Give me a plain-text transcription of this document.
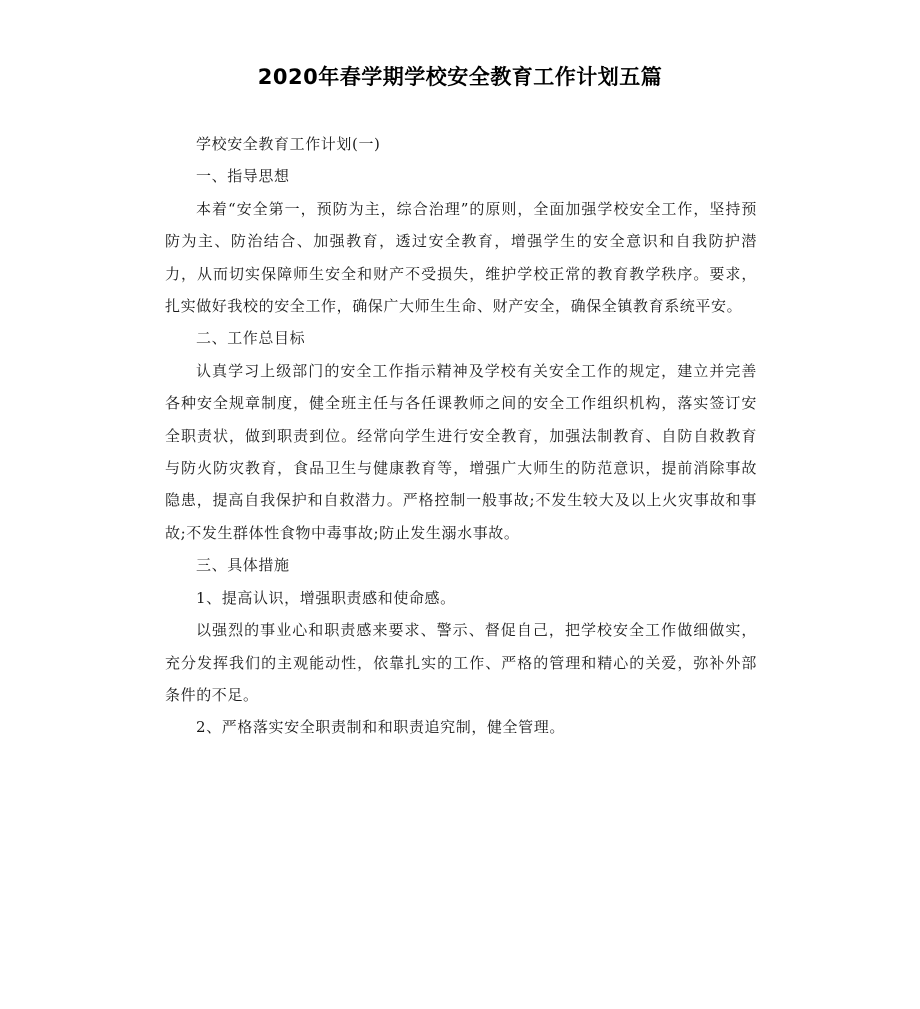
2020年春学期学校安全教育工作计划五篇

学校安全教育工作计划(一)

一、指导思想

本着“安全第一，预防为主，综合治理”的原则，全面加强学校安全工作，坚持预防为主、防治结合、加强教育，透过安全教育，增强学生的安全意识和自我防护潜力，从而切实保障师生安全和财产不受损失，维护学校正常的教育教学秩序。要求，扎实做好我校的安全工作，确保广大师生生命、财产安全，确保全镇教育系统平安。

二、工作总目标

认真学习上级部门的安全工作指示精神及学校有关安全工作的规定，建立并完善各种安全规章制度，健全班主任与各任课教师之间的安全工作组织机构，落实签订安全职责状，做到职责到位。经常向学生进行安全教育，加强法制教育、自防自救教育与防火防灾教育，食品卫生与健康教育等，增强广大师生的防范意识，提前消除事故隐患，提高自我保护和自救潜力。严格控制一般事故;不发生较大及以上火灾事故和事故;不发生群体性食物中毒事故;防止发生溺水事故。

三、具体措施

1、提高认识，增强职责感和使命感。

以强烈的事业心和职责感来要求、警示、督促自己，把学校安全工作做细做实，充分发挥我们的主观能动性，依靠扎实的工作、严格的管理和精心的关爱，弥补外部条件的不足。

2、严格落实安全职责制和和职责追究制，健全管理。
